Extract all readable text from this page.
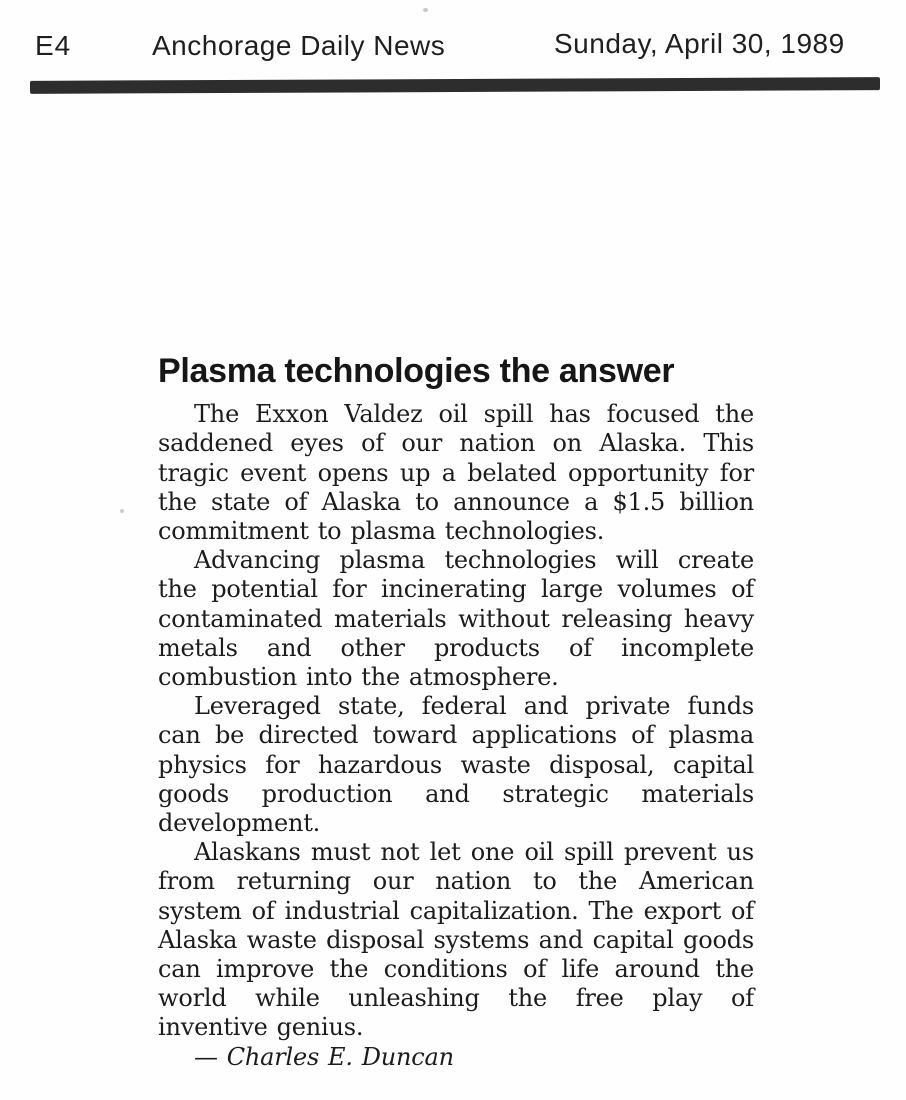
E4	Anchorage Daily News	Sunday, April 30, 1989
Plasma technologies the answer

The Exxon Valdez oil spill has focused the saddened eyes of our nation on Alaska. This tragic event opens up a belated opportunity for the state of Alaska to announce a $1.5 billion commitment to plasma technologies.

Advancing plasma technologies will create the potential for incinerating large volumes of contaminated materials without releasing heavy metals and other products of incomplete combustion into the atmosphere.

Leveraged state, federal and private funds can be directed toward applications of plasma physics for hazardous waste disposal, capital goods production and strategic materials development.

Alaskans must not let one oil spill prevent us from returning our nation to the American system of industrial capitalization. The export of Alaska waste disposal systems and capital goods can improve the conditions of life around the world while unleashing the free play of inventive genius.

— Charles E. Duncan
